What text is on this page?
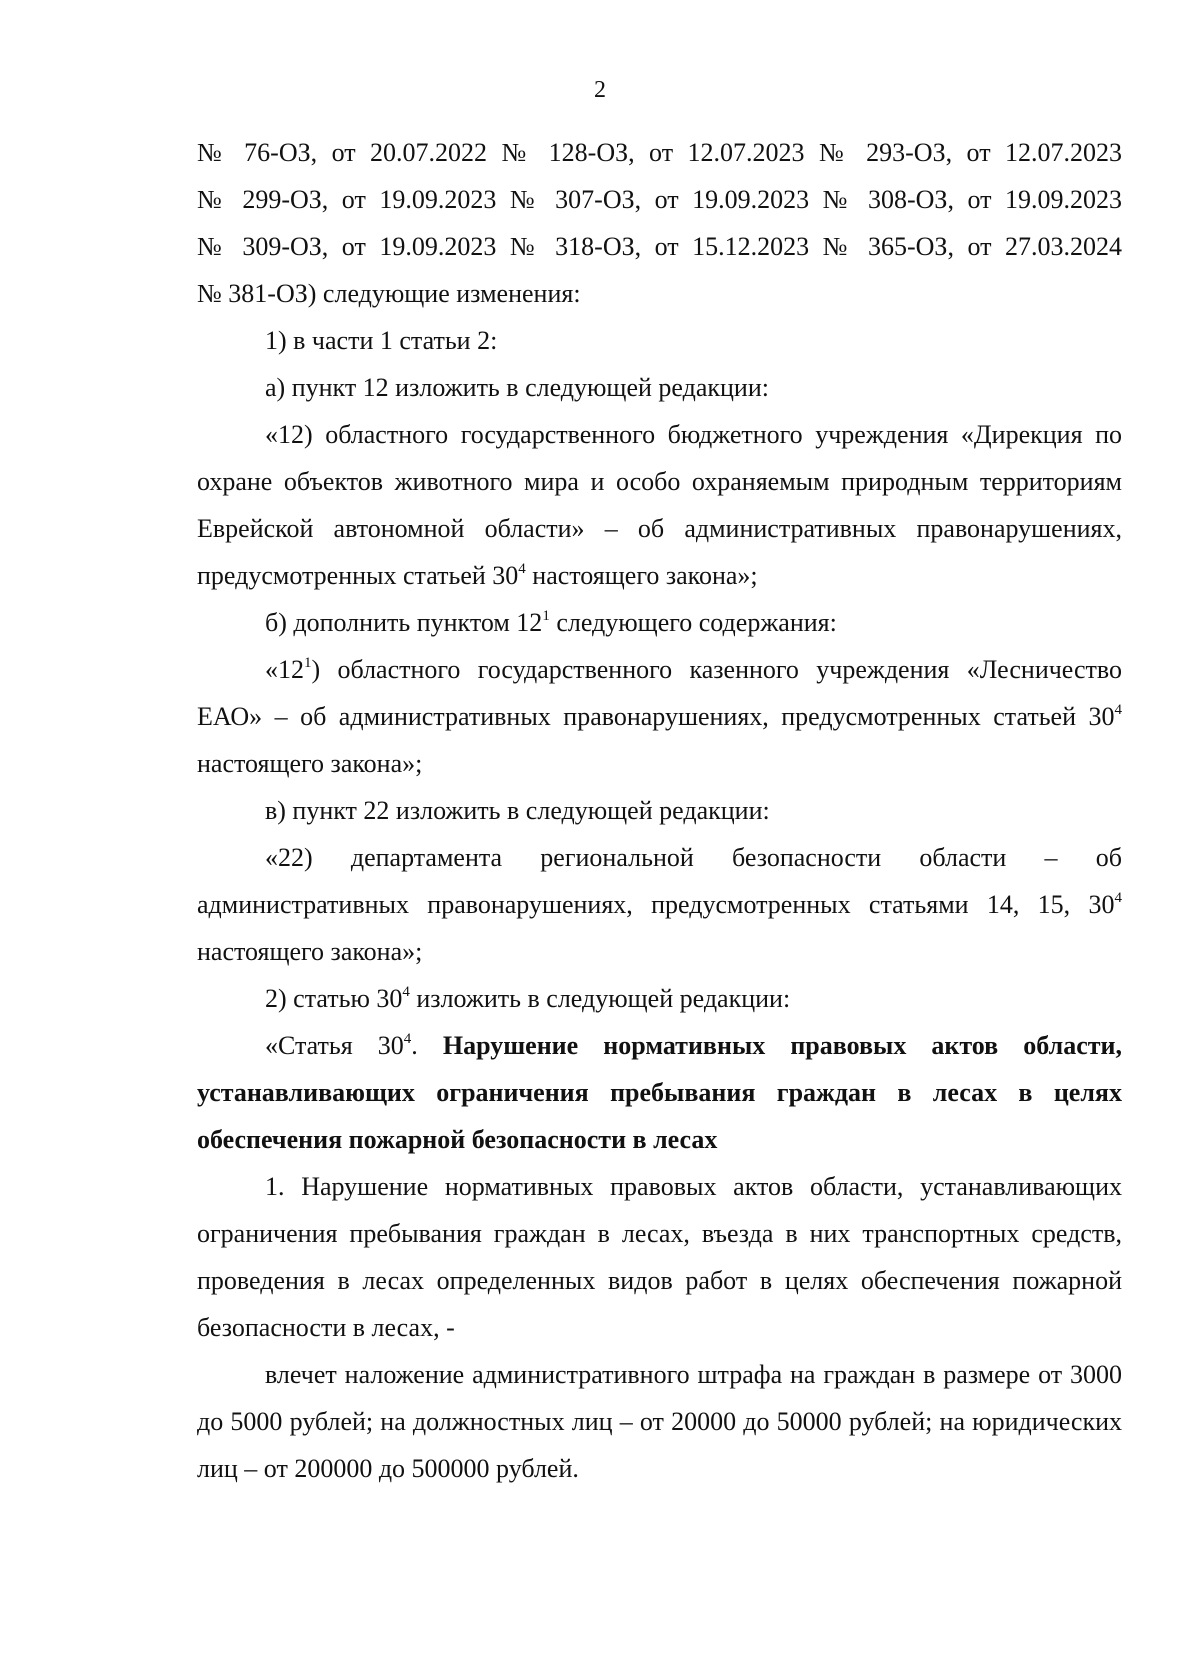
2

№ 76-ОЗ, от 20.07.2022 № 128-ОЗ, от 12.07.2023 № 293-ОЗ, от 12.07.2023

№ 299-ОЗ, от 19.09.2023 № 307-ОЗ, от 19.09.2023 № 308-ОЗ, от 19.09.2023

№ 309-ОЗ, от 19.09.2023 № 318-ОЗ, от 15.12.2023 № 365-ОЗ, от 27.03.2024

№ 381-ОЗ) следующие изменения:

1) в части 1 статьи 2:

а) пункт 12 изложить в следующей редакции:

«12) областного государственного бюджетного учреждения «Дирекция по охране объектов животного мира и особо охраняемым природным территориям Еврейской автономной области» – об административных правонарушениях, предусмотренных статьей $30^4$ настоящего закона»;

б) дополнить пунктом $12^1$ следующего содержания:

«$12^1$) областного государственного казенного учреждения «Лесничество ЕАО» – об административных правонарушениях, предусмотренных статьей $30^4$ настоящего закона»;

в) пункт 22 изложить в следующей редакции:

«22) департамента региональной безопасности области – об административных правонарушениях, предусмотренных статьями 14, 15, $30^4$ настоящего закона»;

2) статью $30^4$ изложить в следующей редакции:

«Статья $30^4$. Нарушение нормативных правовых актов области, устанавливающих ограничения пребывания граждан в лесах в целях обеспечения пожарной безопасности в лесах

1. Нарушение нормативных правовых актов области, устанавливающих ограничения пребывания граждан в лесах, въезда в них транспортных средств, проведения в лесах определенных видов работ в целях обеспечения пожарной безопасности в лесах, -

влечет наложение административного штрафа на граждан в размере от 3000 до 5000 рублей; на должностных лиц – от 20000 до 50000 рублей; на юридических лиц – от 200000 до 500000 рублей.
